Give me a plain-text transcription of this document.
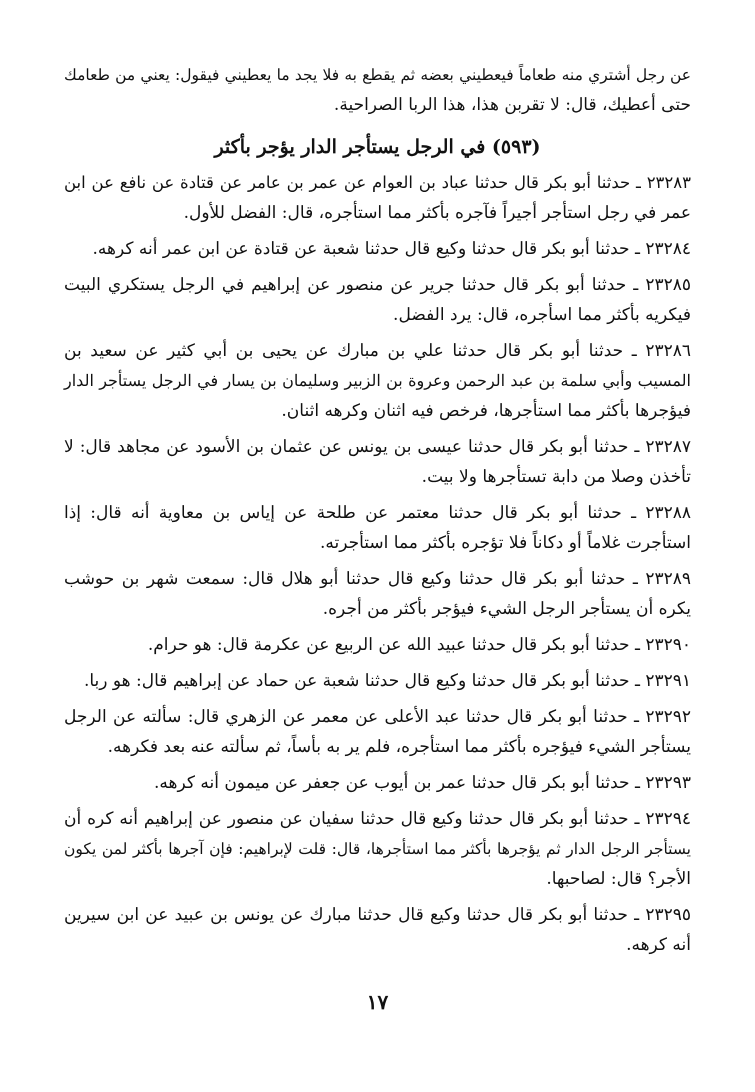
عن رجل أشتري منه طعاماً فيعطيني بعضه ثم يقطع به فلا يجد ما يعطيني فيقول: يعني من طعامك
حتى أعطيك، قال: لا تقربن هذا، هذا الربا الصراحية.
(٥٩٣) في الرجل يستأجر الدار يؤجر بأكثر
٢٣٢٨٣ ـ حدثنا أبو بكر قال حدثنا عباد بن العوام عن عمر بن عامر عن قتادة عن نافع عن ابن
عمر في رجل استأجر أجيراً فآجره بأكثر مما استأجره، قال: الفضل للأول.
٢٣٢٨٤ ـ حدثنا أبو بكر قال حدثنا وكيع قال حدثنا شعبة عن قتادة عن ابن عمر أنه كرهه.
٢٣٢٨٥ ـ حدثنا أبو بكر قال حدثنا جرير عن منصور عن إبراهيم في الرجل يستكري البيت
فيكريه بأكثر مما اسأجره، قال: يرد الفضل.
٢٣٢٨٦ ـ حدثنا أبو بكر قال حدثنا علي بن مبارك عن يحيى بن أبي كثير عن سعيد بن
المسيب وأبي سلمة بن عبد الرحمن وعروة بن الزبير وسليمان بن يسار في الرجل يستأجر الدار
فيؤجرها بأكثر مما استأجرها، فرخص فيه اثنان وكرهه اثنان.
٢٣٢٨٧ ـ حدثنا أبو بكر قال حدثنا عيسى بن يونس عن عثمان بن الأسود عن مجاهد قال: لا
تأخذن وصلا من دابة تستأجرها ولا بيت.
٢٣٢٨٨ ـ حدثنا أبو بكر قال حدثنا معتمر عن طلحة عن إياس بن معاوية أنه قال: إذا
استأجرت غلاماً أو دكاناً فلا تؤجره بأكثر مما استأجرته.
٢٣٢٨٩ ـ حدثنا أبو بكر قال حدثنا وكيع قال حدثنا أبو هلال قال: سمعت شهر بن حوشب
يكره أن يستأجر الرجل الشيء فيؤجر بأكثر من أجره.
٢٣٢٩٠ ـ حدثنا أبو بكر قال حدثنا عبيد الله عن الربيع عن عكرمة قال: هو حرام.
٢٣٢٩١ ـ حدثنا أبو بكر قال حدثنا وكيع قال حدثنا شعبة عن حماد عن إبراهيم قال: هو ربا.
٢٣٢٩٢ ـ حدثنا أبو بكر قال حدثنا عبد الأعلى عن معمر عن الزهري قال: سألته عن الرجل
يستأجر الشيء فيؤجره بأكثر مما استأجره، فلم ير به بأساً، ثم سألته عنه بعد فكرهه.
٢٣٢٩٣ ـ حدثنا أبو بكر قال حدثنا عمر بن أيوب عن جعفر عن ميمون أنه كرهه.
٢٣٢٩٤ ـ حدثنا أبو بكر قال حدثنا وكيع قال حدثنا سفيان عن منصور عن إبراهيم أنه كره أن
يستأجر الرجل الدار ثم يؤجرها بأكثر مما استأجرها، قال: قلت لإبراهيم: فإن آجرها بأكثر لمن يكون
الأجر؟ قال: لصاحبها.
٢٣٢٩٥ ـ حدثنا أبو بكر قال حدثنا وكيع قال حدثنا مبارك عن يونس بن عبيد عن ابن سيرين
أنه كرهه.
١٧
